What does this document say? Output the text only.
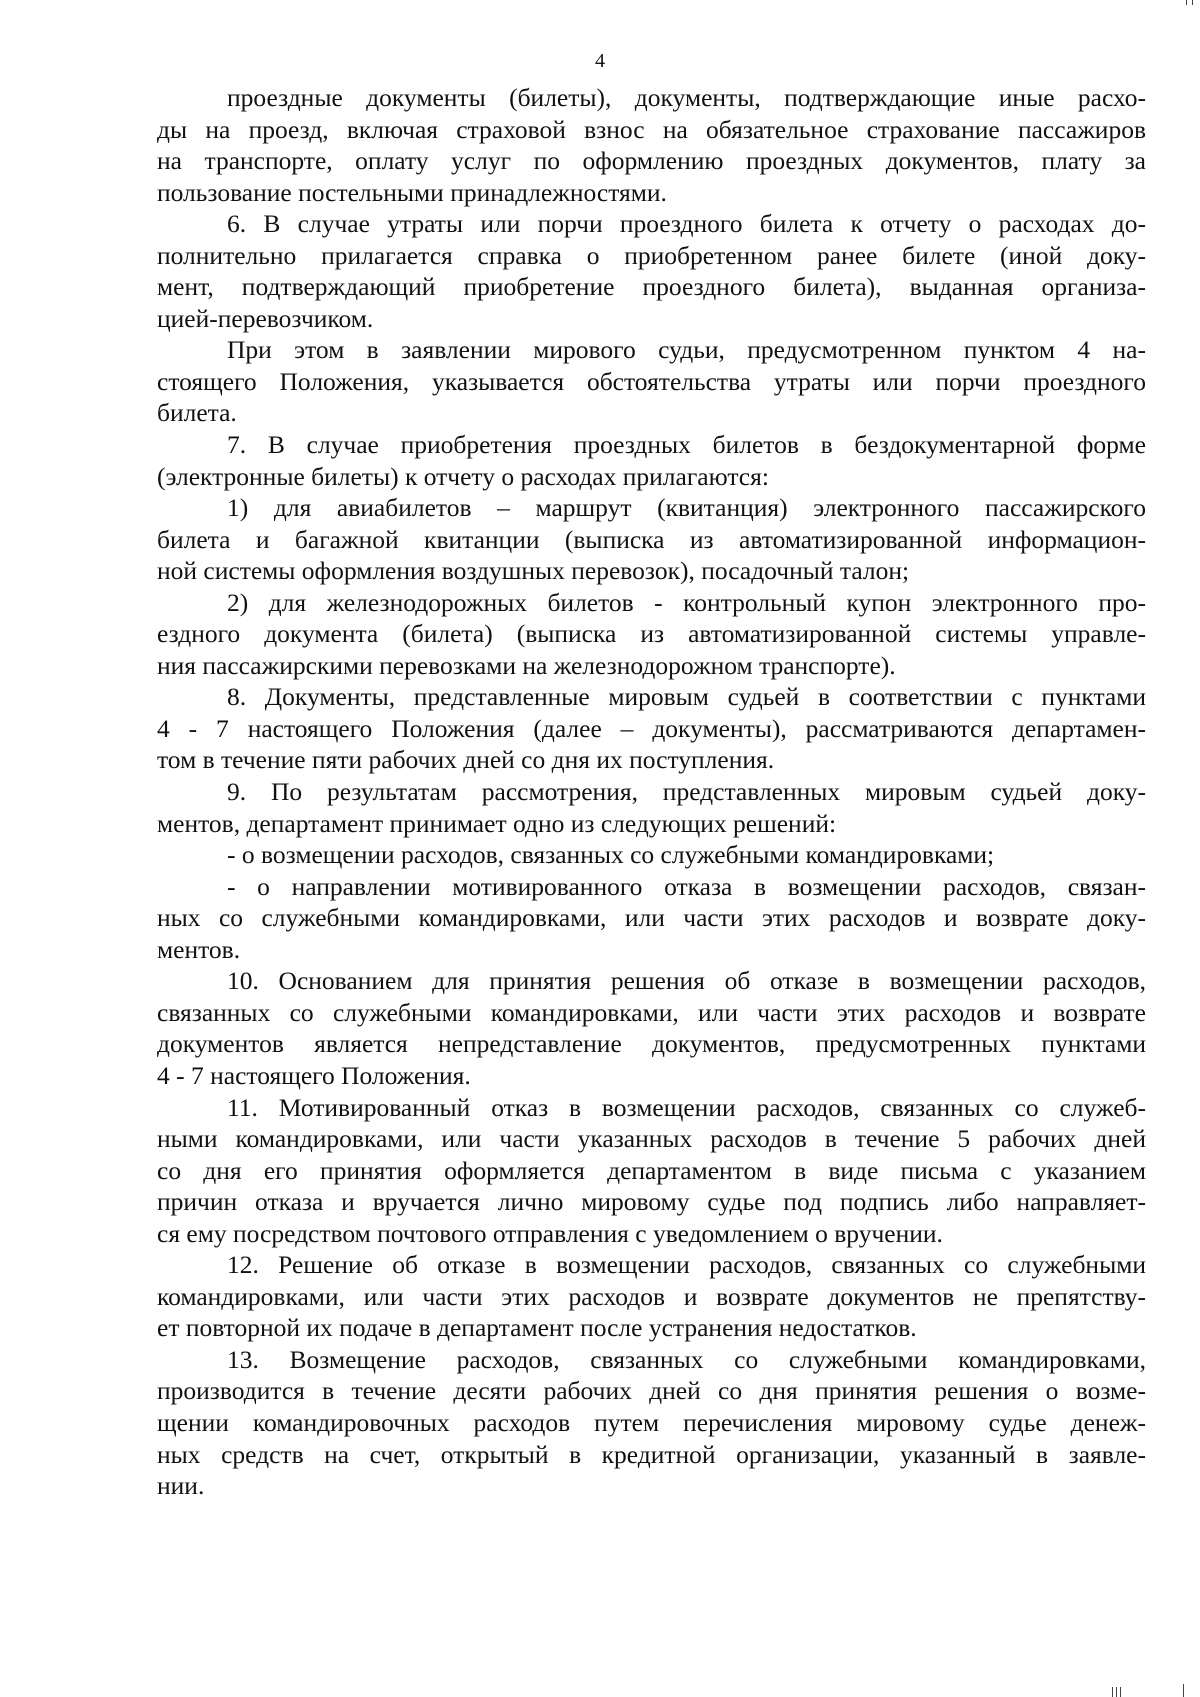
4
проездные документы (билеты), документы, подтверждающие иные расхо-
ды на проезд, включая страховой взнос на обязательное страхование пассажиров
на транспорте, оплату услуг по оформлению проездных документов, плату за
пользование постельными принадлежностями.
6. В случае утраты или порчи проездного билета к отчету о расходах до-
полнительно прилагается справка о приобретенном ранее билете (иной доку-
мент, подтверждающий приобретение проездного билета), выданная организа-
цией-перевозчиком.
При этом в заявлении мирового судьи, предусмотренном пунктом 4 на-
стоящего Положения, указывается обстоятельства утраты или порчи проездного
билета.
7. В случае приобретения проездных билетов в бездокументарной форме
(электронные билеты) к отчету о расходах прилагаются:
1) для авиабилетов – маршрут (квитанция) электронного пассажирского
билета и багажной квитанции (выписка из автоматизированной информацион-
ной системы оформления воздушных перевозок), посадочный талон;
2) для железнодорожных билетов - контрольный купон электронного про-
ездного документа (билета) (выписка из автоматизированной системы управле-
ния пассажирскими перевозками на железнодорожном транспорте).
8. Документы, представленные мировым судьей в соответствии с пунктами
4 - 7 настоящего Положения (далее – документы), рассматриваются департамен-
том в течение пяти рабочих дней со дня их поступления.
9. По результатам рассмотрения, представленных мировым судьей доку-
ментов, департамент принимает одно из следующих решений:
- о возмещении расходов, связанных со служебными командировками;
- о направлении мотивированного отказа в возмещении расходов, связан-
ных со служебными командировками, или части этих расходов и возврате доку-
ментов.
10. Основанием для принятия решения об отказе в возмещении расходов,
связанных со служебными командировками, или части этих расходов и возврате
документов является непредставление документов, предусмотренных пунктами
4 - 7 настоящего Положения.
11. Мотивированный отказ в возмещении расходов, связанных со служеб-
ными командировками, или части указанных расходов в течение 5 рабочих дней
со дня его принятия оформляется департаментом в виде письма с указанием
причин отказа и вручается лично мировому судье под подпись либо направляет-
ся ему посредством почтового отправления с уведомлением о вручении.
12. Решение об отказе в возмещении расходов, связанных со служебными
командировками, или части этих расходов и возврате документов не препятству-
ет повторной их подаче в департамент после устранения недостатков.
13. Возмещение расходов, связанных со служебными командировками,
производится в течение десяти рабочих дней со дня принятия решения о возме-
щении командировочных расходов путем перечисления мировому судье денеж-
ных средств на счет, открытый в кредитной организации, указанный в заявле-
нии.
